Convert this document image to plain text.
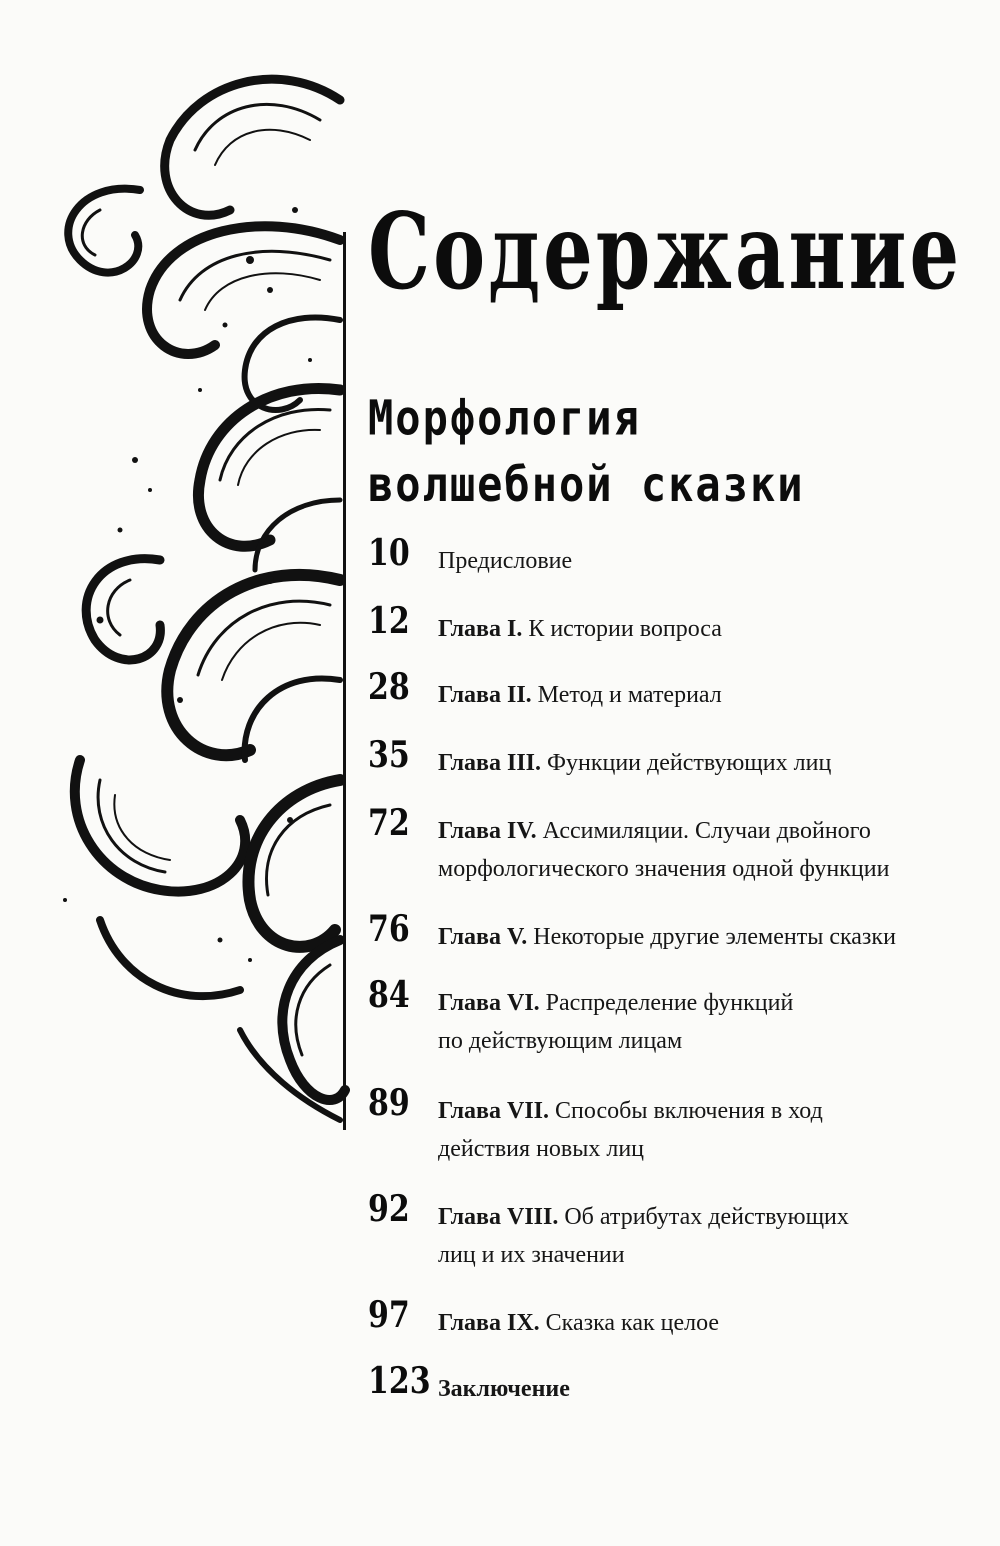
Содержание
Морфология
волшебной сказки
10 Предисловие
12 Глава I. К истории вопроса
28 Глава II. Метод и материал
35 Глава III. Функции действующих лиц
72 Глава IV. Ассимиляции. Случаи двойного
морфологического значения одной функции
76 Глава V. Некоторые другие элементы сказки
84 Глава VI. Распределение функций
по действующим лицам
89 Глава VII. Способы включения в ход
действия новых лиц
92 Глава VIII. Об атрибутах действующих
лиц и их значении
97 Глава IX. Сказка как целое
123 Заключение
